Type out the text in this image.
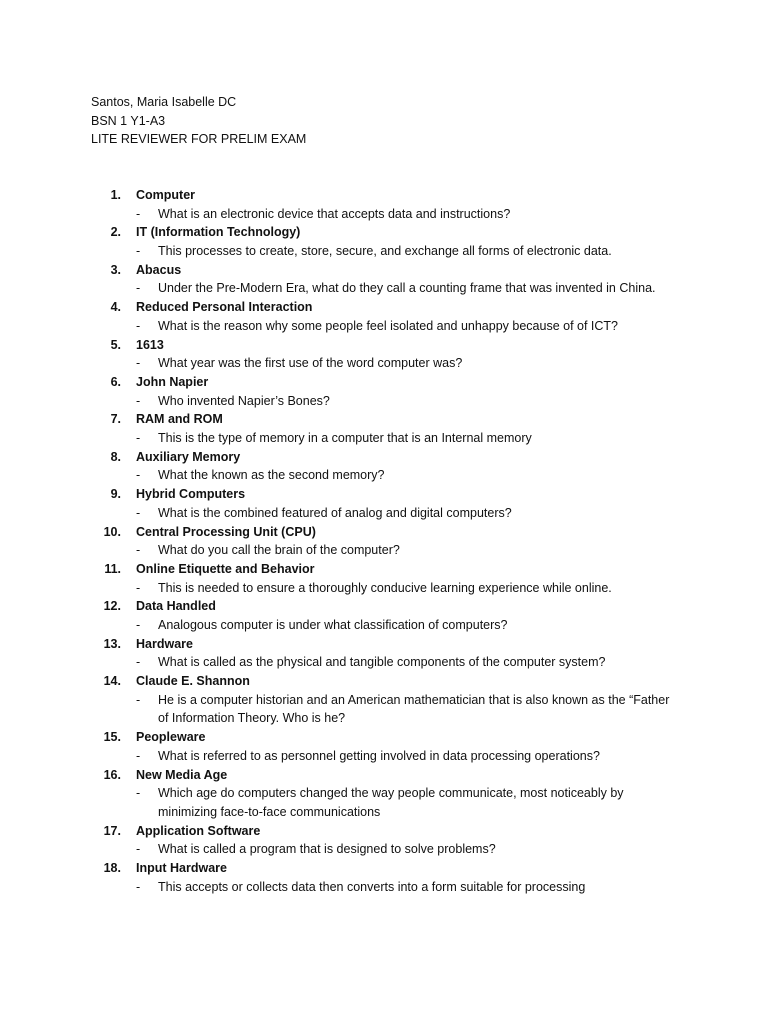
Santos, Maria Isabelle DC
BSN 1 Y1-A3
LITE REVIEWER FOR PRELIM EXAM
1. Computer
- What is an electronic device that accepts data and instructions?
2. IT (Information Technology)
- This processes to create, store, secure, and exchange all forms of electronic data.
3. Abacus
- Under the Pre-Modern Era, what do they call a counting frame that was invented in China.
4. Reduced Personal Interaction
- What is the reason why some people feel isolated and unhappy because of of ICT?
5. 1613
- What year was the first use of the word computer was?
6. John Napier
- Who invented Napier’s Bones?
7. RAM and ROM
- This is the type of memory in a computer that is an Internal memory
8. Auxiliary Memory
- What the known as the second memory?
9. Hybrid Computers
- What is the combined featured of analog and digital computers?
10. Central Processing Unit (CPU)
- What do you call the brain of the computer?
11. Online Etiquette and Behavior
- This is needed to ensure a thoroughly conducive learning experience while online.
12. Data Handled
- Analogous computer is under what classification of computers?
13. Hardware
- What is called as the physical and tangible components of the computer system?
14. Claude E. Shannon
- He is a computer historian and an American mathematician that is also known as the “Father
of Information Theory. Who is he?
15. Peopleware
- What is referred to as personnel getting involved in data processing operations?
16. New Media Age
- Which age do computers changed the way people communicate, most noticeably by
minimizing face-to-face communications
17. Application Software
- What is called a program that is designed to solve problems?
18. Input Hardware
- This accepts or collects data then converts into a form suitable for processing
